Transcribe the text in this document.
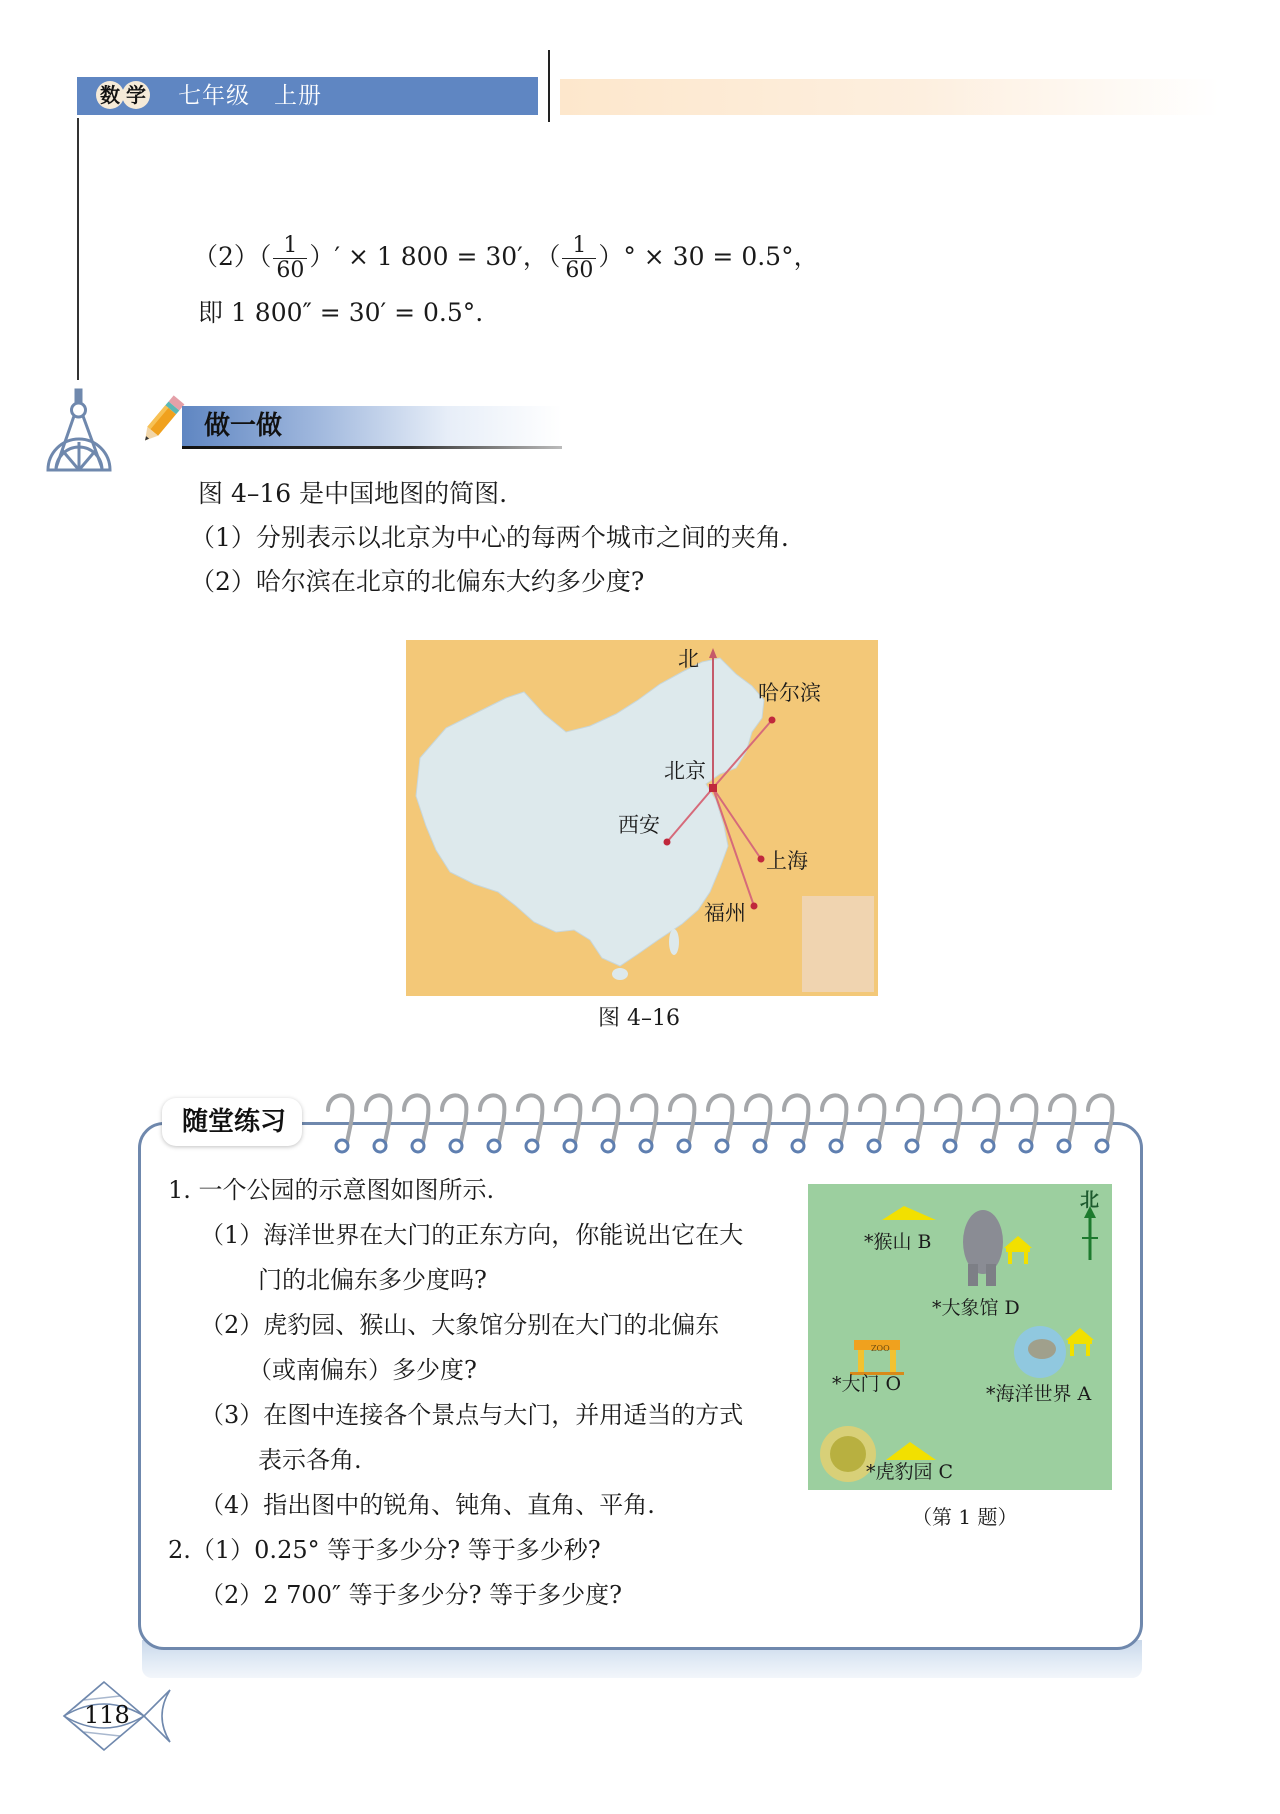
数 学 七年级　上册
$(2)( \frac{1}{60}$ ）′ × 1 800 = 30′，（ $\frac{1}{60}$ ）° × 30 = 0.5°，
即 1 800″ = 30′ = 0.5°.
做一做
图 4–16 是中国地图的简图.
（1）分别表示以北京为中心的每两个城市之间的夹角.
（2）哈尔滨在北京的北偏东大约多少度?
北
哈尔滨
北京
西安
上海
福州
图 4–16
随堂练习
1. 一个公园的示意图如图所示.
（1）海洋世界在大门的正东方向，你能说出它在大
门的北偏东多少度吗?
（2）虎豹园、猴山、大象馆分别在大门的北偏东
（或南偏东）多少度?
（3）在图中连接各个景点与大门，并用适当的方式
表示各角.
（4）指出图中的锐角、钝角、直角、平角.
2.（1）0.25° 等于多少分? 等于多少秒?
（2）2 700″ 等于多少分? 等于多少度?
ZOO
北
*猴山 B
*大象馆 D
*大门 O	*海洋世界 A
*虎豹园 C
（第 1 题）
118
